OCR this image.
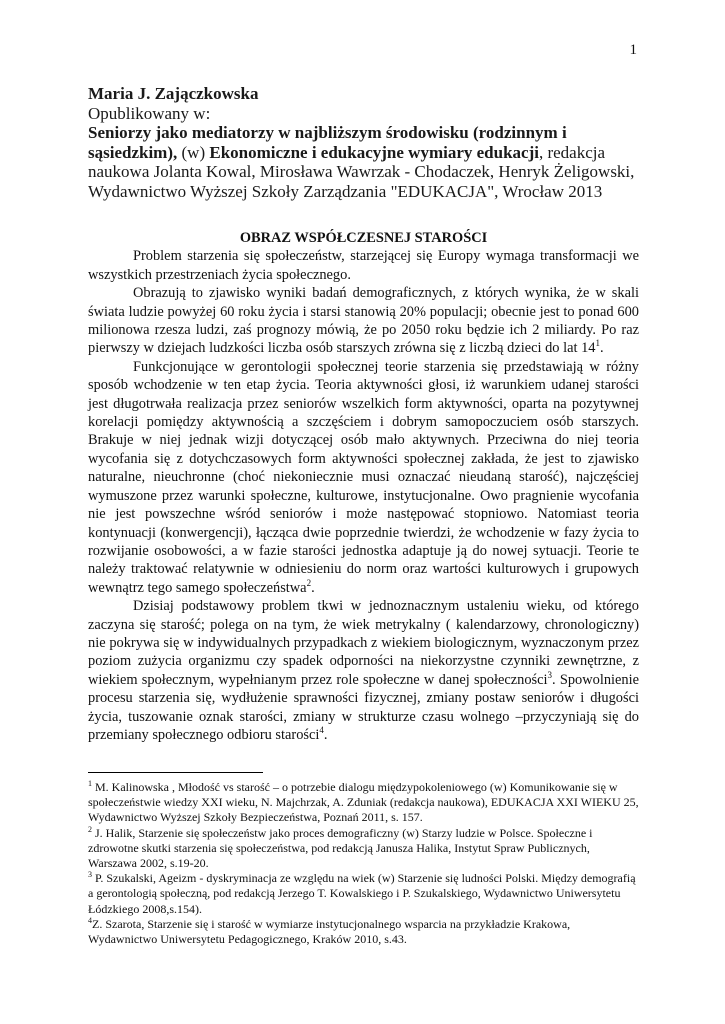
1
Maria J. Zajączkowska
Opublikowany w:
Seniorzy jako mediatorzy w najbliższym środowisku (rodzinnym i sąsiedzkim), (w) Ekonomiczne i edukacyjne wymiary edukacji, redakcja naukowa Jolanta Kowal, Mirosława Wawrzak - Chodaczek, Henryk Żeligowski, Wydawnictwo Wyższej Szkoły Zarządzania "EDUKACJA", Wrocław 2013

OBRAZ WSPÓŁCZESNEJ STAROŚCI

Problem starzenia się społeczeństw, starzejącej się Europy wymaga transformacji we wszystkich przestrzeniach życia społecznego.

Obrazują to zjawisko wyniki badań demograficznych, z których wynika, że w skali świata ludzie powyżej 60 roku życia i starsi stanowią 20% populacji; obecnie jest to ponad 600 milionowa rzesza ludzi, zaś prognozy mówią, że po 2050 roku będzie ich 2 miliardy. Po raz pierwszy w dziejach ludzkości liczba osób starszych zrówna się z liczbą dzieci do lat $14^1$.

Funkcjonujące w gerontologii społecznej teorie starzenia się przedstawiają w różny sposób wchodzenie w ten etap życia. Teoria aktywności głosi, iż warunkiem udanej starości jest długotrwała realizacja przez seniorów wszelkich form aktywności, oparta na pozytywnej korelacji pomiędzy aktywnością a szczęściem i dobrym samopoczuciem osób starszych. Brakuje w niej jednak wizji dotyczącej osób mało aktywnych. Przeciwna do niej teoria wycofania się z dotychczasowych form aktywności społecznej zakłada, że jest to zjawisko naturalne, nieuchronne (choć niekoniecznie musi oznaczać nieudaną starość), najczęściej wymuszone przez warunki społeczne, kulturowe, instytucjonalne. Owo pragnienie wycofania nie jest powszechne wśród seniorów i może następować stopniowo. Natomiast teoria kontynuacji (konwergencji), łącząca dwie poprzednie twierdzi, że wchodzenie w fazy życia to rozwijanie osobowości, a w fazie starości jednostka adaptuje ją do nowej sytuacji. Teorie te należy traktować relatywnie w odniesieniu do norm oraz wartości kulturowych i grupowych wewnątrz tego samego społeczeństwa$^2$.

Dzisiaj podstawowy problem tkwi w jednoznacznym ustaleniu wieku, od którego zaczyna się starość; polega on na tym, że wiek metrykalny ( kalendarzowy, chronologiczny) nie pokrywa się w indywidualnych przypadkach z wiekiem biologicznym, wyznaczonym przez poziom zużycia organizmu czy spadek odporności na niekorzystne czynniki zewnętrzne, z wiekiem społecznym, wypełnianym przez role społeczne w danej społeczności$^3$. Spowolnienie procesu starzenia się, wydłużenie sprawności fizycznej, zmiany postaw seniorów i długości życia, tuszowanie oznak starości, zmiany w strukturze czasu wolnego –przyczyniają się do przemiany społecznego odbioru starości$^4$.

$^1$ M. Kalinowska , Młodość vs starość – o potrzebie dialogu międzypokoleniowego (w) Komunikowanie się w społeczeństwie wiedzy XXI wieku, N. Majchrzak, A. Zduniak (redakcja naukowa), EDUKACJA XXI WIEKU 25, Wydawnictwo Wyższej Szkoły Bezpieczeństwa, Poznań 2011, s. 157.

$^2$ J. Halik, Starzenie się społeczeństw jako proces demograficzny (w) Starzy ludzie w Polsce. Społeczne i zdrowotne skutki starzenia się społeczeństwa, pod redakcją Janusza Halika, Instytut Spraw Publicznych, Warszawa 2002, s.19-20.

$^3$ P. Szukalski, Ageizm - dyskryminacja ze względu na wiek (w) Starzenie się ludności Polski. Między demografią a gerontologią społeczną, pod redakcją Jerzego T. Kowalskiego i P. Szukalskiego, Wydawnictwo Uniwersytetu Łódzkiego 2008,s.154).

$^4$Z. Szarota, Starzenie się i starość w wymiarze instytucjonalnego wsparcia na przykładzie Krakowa, Wydawnictwo Uniwersytetu Pedagogicznego, Kraków 2010, s.43.
